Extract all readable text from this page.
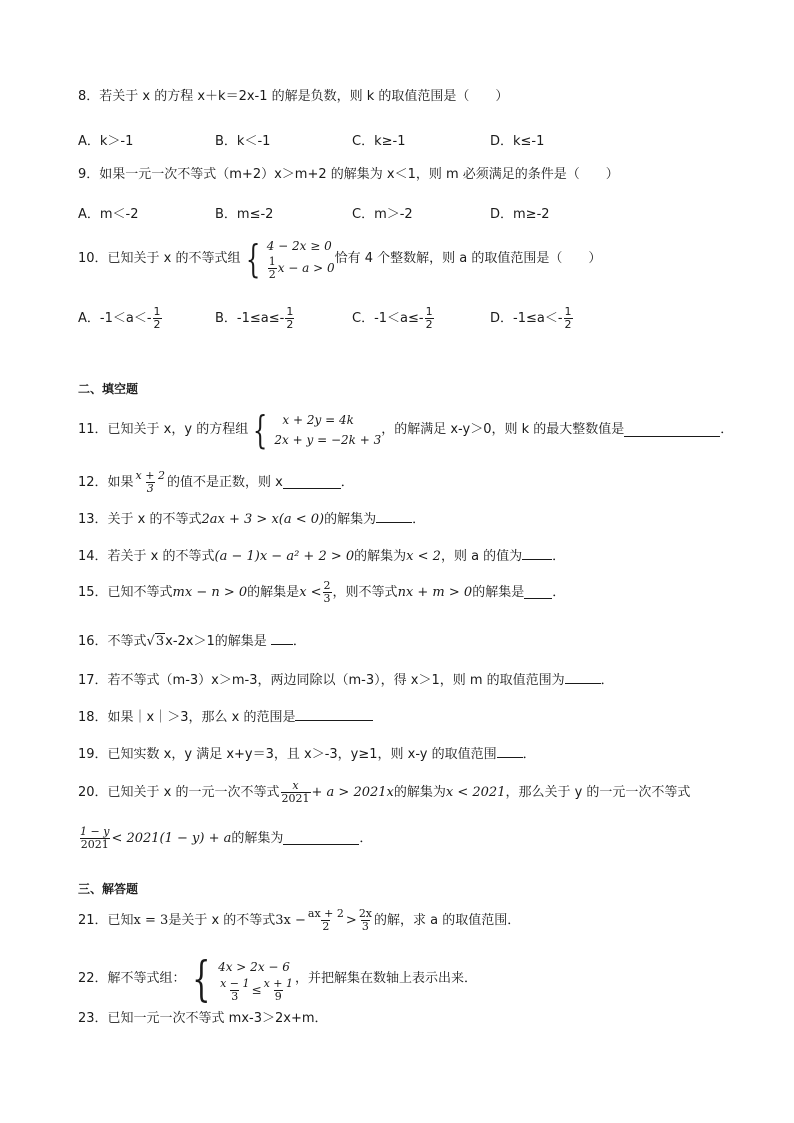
8．若关于 x 的方程 x＋k＝2x-1 的解是负数，则 k 的取值范围是（　　）
A．k＞-1	B．k＜-1	C．k≥-1	D．k≤-1
9．如果一元一次不等式（m+2）x＞m+2 的解集为 x＜1，则 m 必须满足的条件是（　　）
A．m＜-2	B．m≤-2	C．m＞-2	D．m≥-2
10．已知关于 x 的不等式组 { 4 − 2x ≥ 0
$\frac{1}{2}$ x − a > 0
恰有 4 个整数解，则 a 的取值范围是（　　）
A．$-1<a<- \frac{1}{2}$	B．$-1\le a\le- \frac{1}{2}$	C．$-1<a\le- \frac{1}{2}$	D．$-1\le a<- \frac{1}{2}$
二、填空题
11．已知关于 x，y 的方程组 {	x + 2y = 4k
2x + y = −2k + 3
，的解满足 x-y＞0，则 k 的最大整数值是	．
12．如果 $\frac{x + 2}{3}$ 的值不是正数，则 x	．
13．关于 x 的不等式2ax + 3 > x(a < 0)的解集为	．
14．若关于 x 的不等式(a − 1)x − a² + 2 > 0的解集为x < 2，则 a 的值为 ．
15．已知不等式 mx − n > 0 的解集是 $x < \frac{2}{3}$ ，则不等式 nx + m > 0 的解集是 ．
16．不等式√3x-2x＞1的解集是 ．
17．若不等式（m-3）x＞m-3，两边同除以（m-3），得 x＞1，则 m 的取值范围为	．
18．如果｜x｜＞3，那么 x 的范围是
19．已知实数 x，y 满足 x+y＝3，且 x＞-3，y≥1，则 x-y 的取值范围 ．
20．已知关于 x 的一元一次不等式 $\frac{x}{2021} + a > 2021x$ 的解集为 x < 2021 ，那么关于 y 的一元一次不等式
$\frac{1 - y}{2021} < 2021(1 - y) + a$ 的解集为	．
三、解答题
21．已知 x = 3 是关于 x 的不等式 $3x - \frac{ax + 2}{2} > \frac{2x}{3}$ 的解，求 a 的取值范围．
22．解不等式组： { 4x > 2x − 6
$\frac{x - 1}{3} \le \frac{x + 1}{9}$ ，并把解集在数轴上表示出来．
23．已知一元一次不等式 mx-3＞2x+m．
